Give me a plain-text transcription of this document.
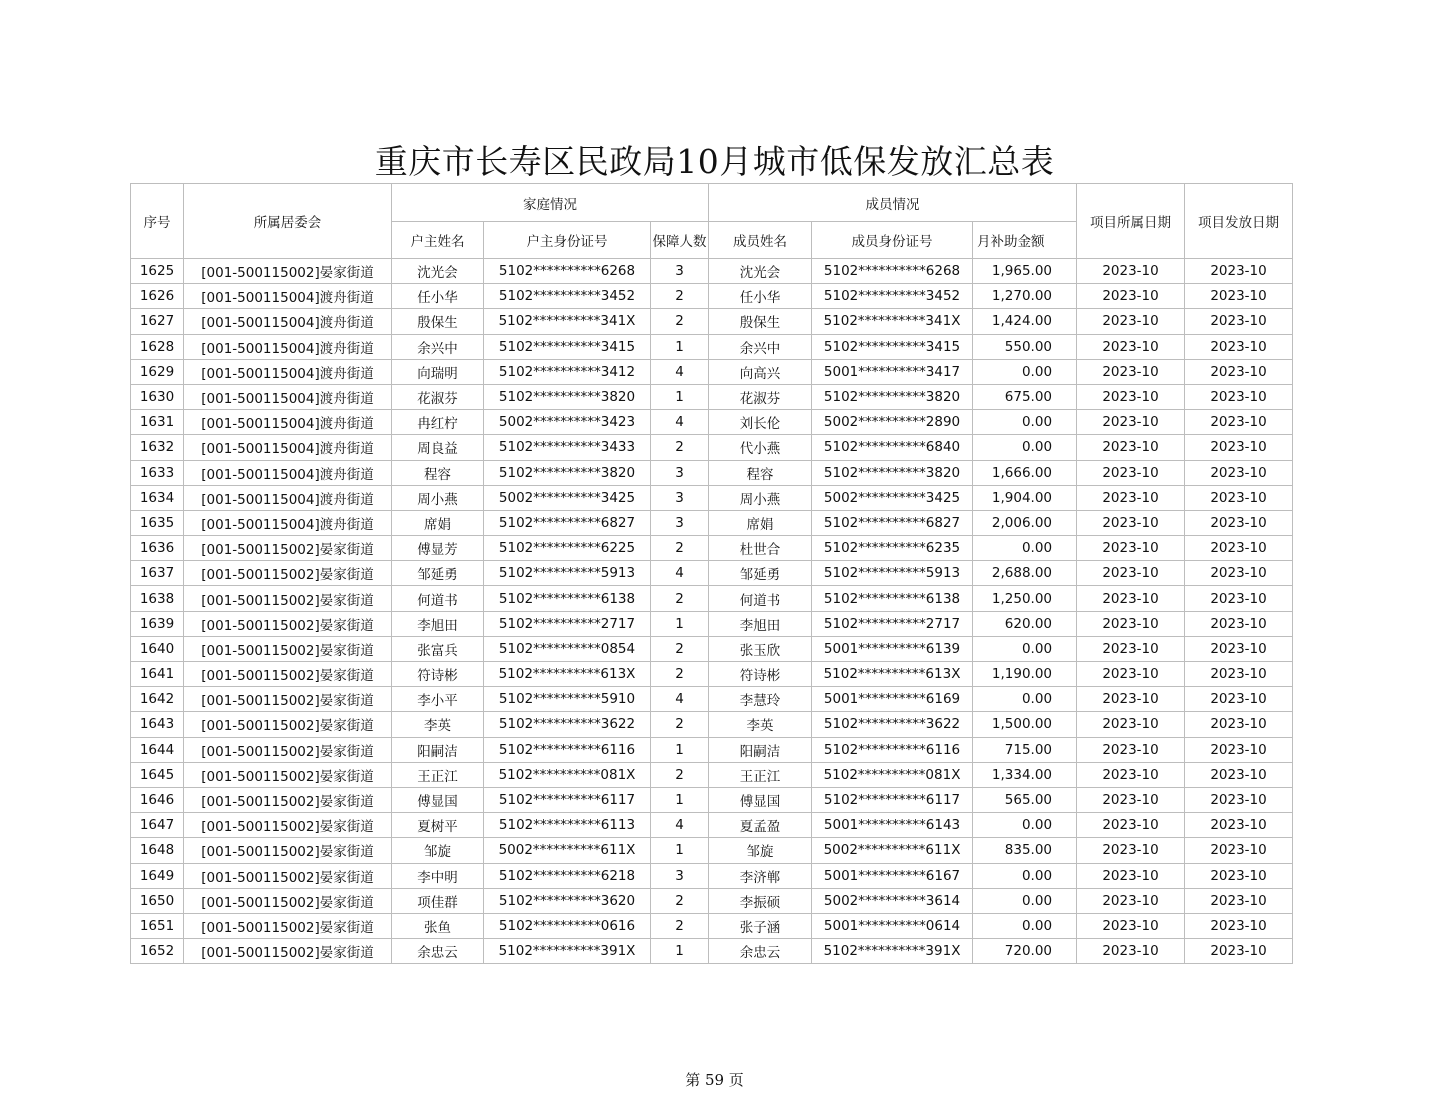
重庆市长寿区民政局10月城市低保发放汇总表
序号	所属居委会	家庭情况			成员情况			项目所属日期	项目发放日期
		户主姓名	户主身份证号	保障人数	成员姓名	成员身份证号	月补助金额		
1625	[001-500115002]晏家街道	沈光会	5102**********6268	3	沈光会	5102**********6268	1,965.00	2023-10	2023-10
1626	[001-500115004]渡舟街道	任小华	5102**********3452	2	任小华	5102**********3452	1,270.00	2023-10	2023-10
1627	[001-500115004]渡舟街道	殷保生	5102**********341X	2	殷保生	5102**********341X	1,424.00	2023-10	2023-10
1628	[001-500115004]渡舟街道	余兴中	5102**********3415	1	余兴中	5102**********3415	550.00	2023-10	2023-10
1629	[001-500115004]渡舟街道	向瑞明	5102**********3412	4	向高兴	5001**********3417	0.00	2023-10	2023-10
1630	[001-500115004]渡舟街道	花淑芬	5102**********3820	1	花淑芬	5102**********3820	675.00	2023-10	2023-10
1631	[001-500115004]渡舟街道	冉红柠	5002**********3423	4	刘长伦	5002**********2890	0.00	2023-10	2023-10
1632	[001-500115004]渡舟街道	周良益	5102**********3433	2	代小燕	5102**********6840	0.00	2023-10	2023-10
1633	[001-500115004]渡舟街道	程容	5102**********3820	3	程容	5102**********3820	1,666.00	2023-10	2023-10
1634	[001-500115004]渡舟街道	周小燕	5002**********3425	3	周小燕	5002**********3425	1,904.00	2023-10	2023-10
1635	[001-500115004]渡舟街道	席娟	5102**********6827	3	席娟	5102**********6827	2,006.00	2023-10	2023-10
1636	[001-500115002]晏家街道	傅显芳	5102**********6225	2	杜世合	5102**********6235	0.00	2023-10	2023-10
1637	[001-500115002]晏家街道	邹延勇	5102**********5913	4	邹延勇	5102**********5913	2,688.00	2023-10	2023-10
1638	[001-500115002]晏家街道	何道书	5102**********6138	2	何道书	5102**********6138	1,250.00	2023-10	2023-10
1639	[001-500115002]晏家街道	李旭田	5102**********2717	1	李旭田	5102**********2717	620.00	2023-10	2023-10
1640	[001-500115002]晏家街道	张富兵	5102**********0854	2	张玉欣	5001**********6139	0.00	2023-10	2023-10
1641	[001-500115002]晏家街道	符诗彬	5102**********613X	2	符诗彬	5102**********613X	1,190.00	2023-10	2023-10
1642	[001-500115002]晏家街道	李小平	5102**********5910	4	李慧玲	5001**********6169	0.00	2023-10	2023-10
1643	[001-500115002]晏家街道	李英	5102**********3622	2	李英	5102**********3622	1,500.00	2023-10	2023-10
1644	[001-500115002]晏家街道	阳嗣洁	5102**********6116	1	阳嗣洁	5102**********6116	715.00	2023-10	2023-10
1645	[001-500115002]晏家街道	王正江	5102**********081X	2	王正江	5102**********081X	1,334.00	2023-10	2023-10
1646	[001-500115002]晏家街道	傅显国	5102**********6117	1	傅显国	5102**********6117	565.00	2023-10	2023-10
1647	[001-500115002]晏家街道	夏树平	5102**********6113	4	夏孟盈	5001**********6143	0.00	2023-10	2023-10
1648	[001-500115002]晏家街道	邹旋	5002**********611X	1	邹旋	5002**********611X	835.00	2023-10	2023-10
1649	[001-500115002]晏家街道	李中明	5102**********6218	3	李济郸	5001**********6167	0.00	2023-10	2023-10
1650	[001-500115002]晏家街道	项佳群	5102**********3620	2	李振硕	5002**********3614	0.00	2023-10	2023-10
1651	[001-500115002]晏家街道	张鱼	5102**********0616	2	张子涵	5001**********0614	0.00	2023-10	2023-10
1652	[001-500115002]晏家街道	余忠云	5102**********391X	1	余忠云	5102**********391X	720.00	2023-10	2023-10
第 59 页
